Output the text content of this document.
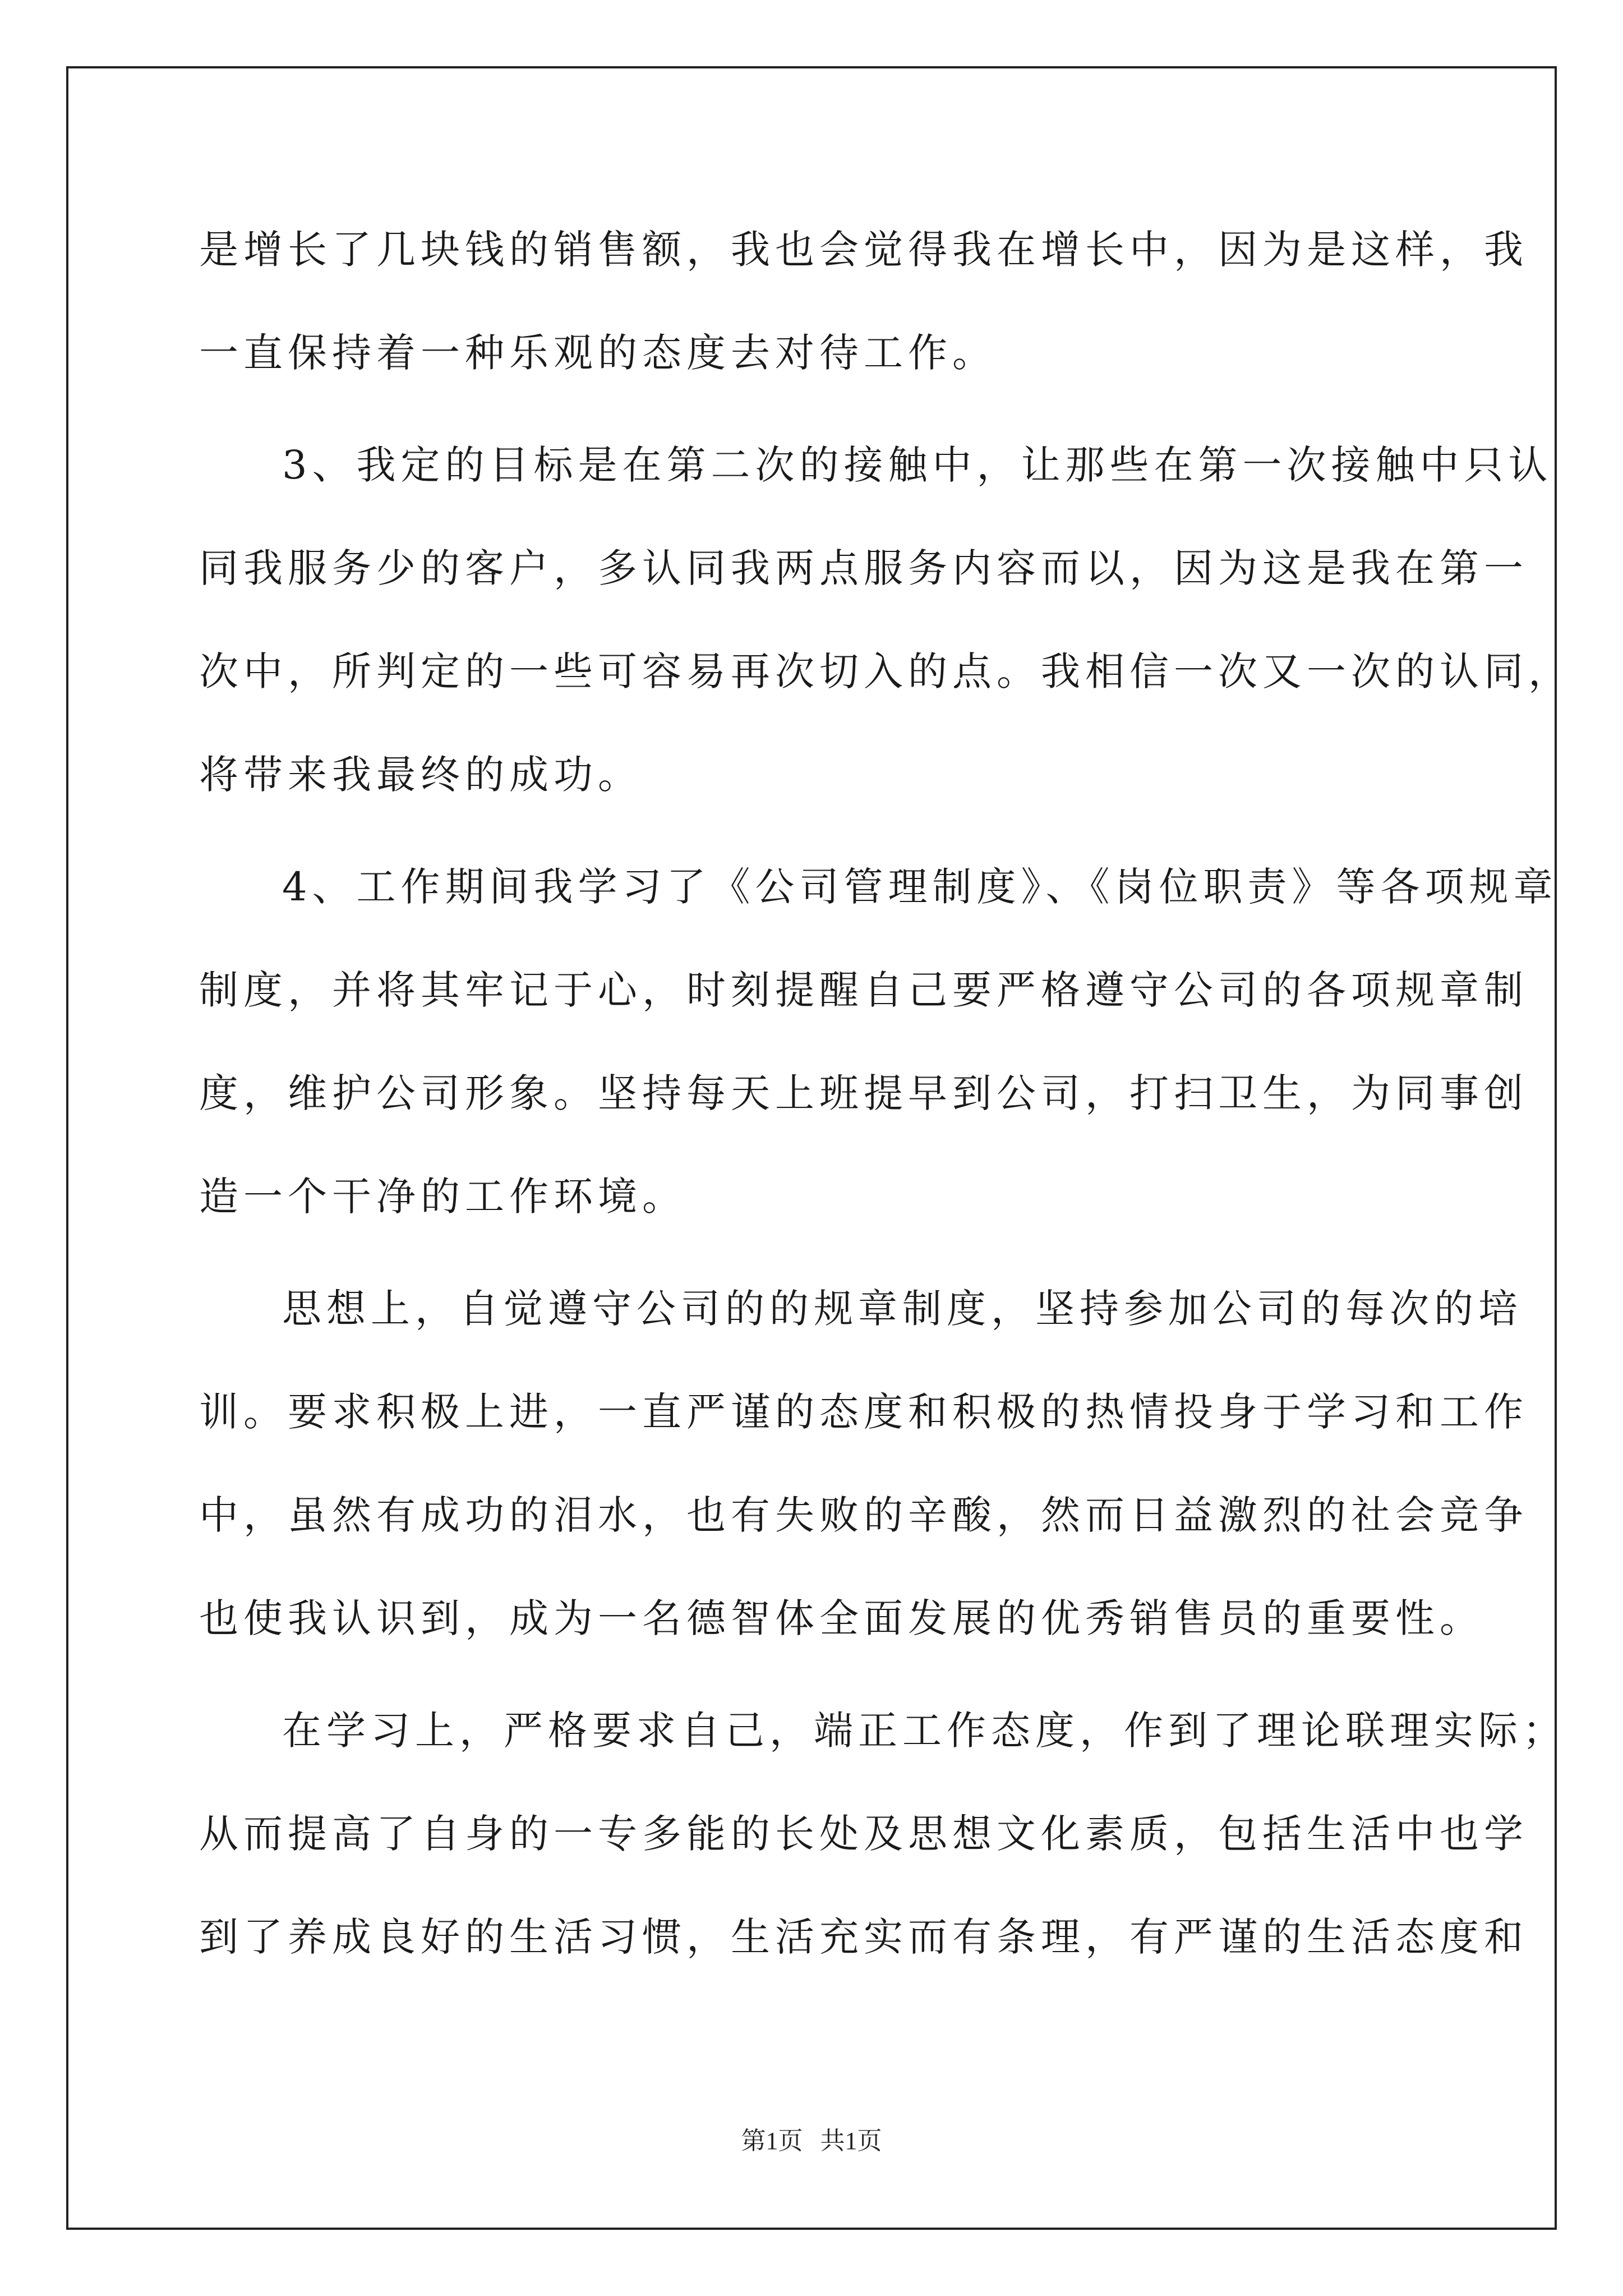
是增长了几块钱的销售额，我也会觉得我在增长中，因为是这样，我
一直保持着一种乐观的态度去对待工作。
3、我定的目标是在第二次的接触中，让那些在第一次接触中只认
同我服务少的客户，多认同我两点服务内容而以，因为这是我在第一
次中，所判定的一些可容易再次切入的点。我相信一次又一次的认同，
将带来我最终的成功。
4、工作期间我学习了《公司管理制度》、《岗位职责》等各项规章
制度，并将其牢记于心，时刻提醒自己要严格遵守公司的各项规章制
度，维护公司形象。坚持每天上班提早到公司，打扫卫生，为同事创
造一个干净的工作环境。
思想上，自觉遵守公司的的规章制度，坚持参加公司的每次的培
训。要求积极上进，一直严谨的态度和积极的热情投身于学习和工作
中，虽然有成功的泪水，也有失败的辛酸，然而日益激烈的社会竞争
也使我认识到，成为一名德智体全面发展的优秀销售员的重要性。
在学习上，严格要求自己，端正工作态度，作到了理论联理实际；
从而提高了自身的一专多能的长处及思想文化素质，包括生活中也学
到了养成良好的生活习惯，生活充实而有条理，有严谨的生活态度和
第1页 共1页
